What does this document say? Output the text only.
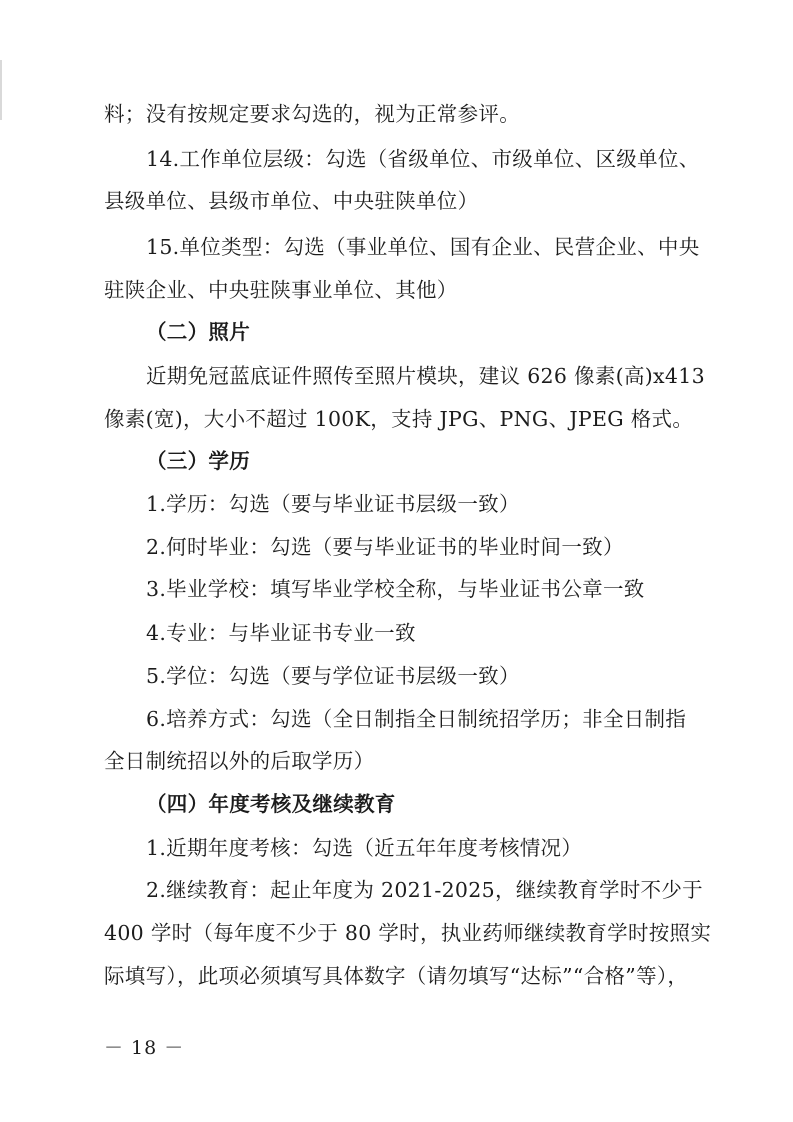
料；没有按规定要求勾选的，视为正常参评。
14.工作单位层级：勾选（省级单位、市级单位、区级单位、
县级单位、县级市单位、中央驻陕单位）
15.单位类型：勾选（事业单位、国有企业、民营企业、中央
驻陕企业、中央驻陕事业单位、其他）
（二）照片
近期免冠蓝底证件照传至照片模块，建议 626 像素(高)x413
像素(宽)，大小不超过 100K，支持 JPG、PNG、JPEG 格式。
（三）学历
1.学历：勾选（要与毕业证书层级一致）
2.何时毕业：勾选（要与毕业证书的毕业时间一致）
3.毕业学校：填写毕业学校全称，与毕业证书公章一致
4.专业：与毕业证书专业一致
5.学位：勾选（要与学位证书层级一致）
6.培养方式：勾选（全日制指全日制统招学历；非全日制指
全日制统招以外的后取学历）
（四）年度考核及继续教育
1.近期年度考核：勾选（近五年年度考核情况）
2.继续教育：起止年度为 2021-2025，继续教育学时不少于
400 学时（每年度不少于 80 学时，执业药师继续教育学时按照实
际填写），此项必须填写具体数字（请勿填写“达标”“合格”等），
－ 18 －
